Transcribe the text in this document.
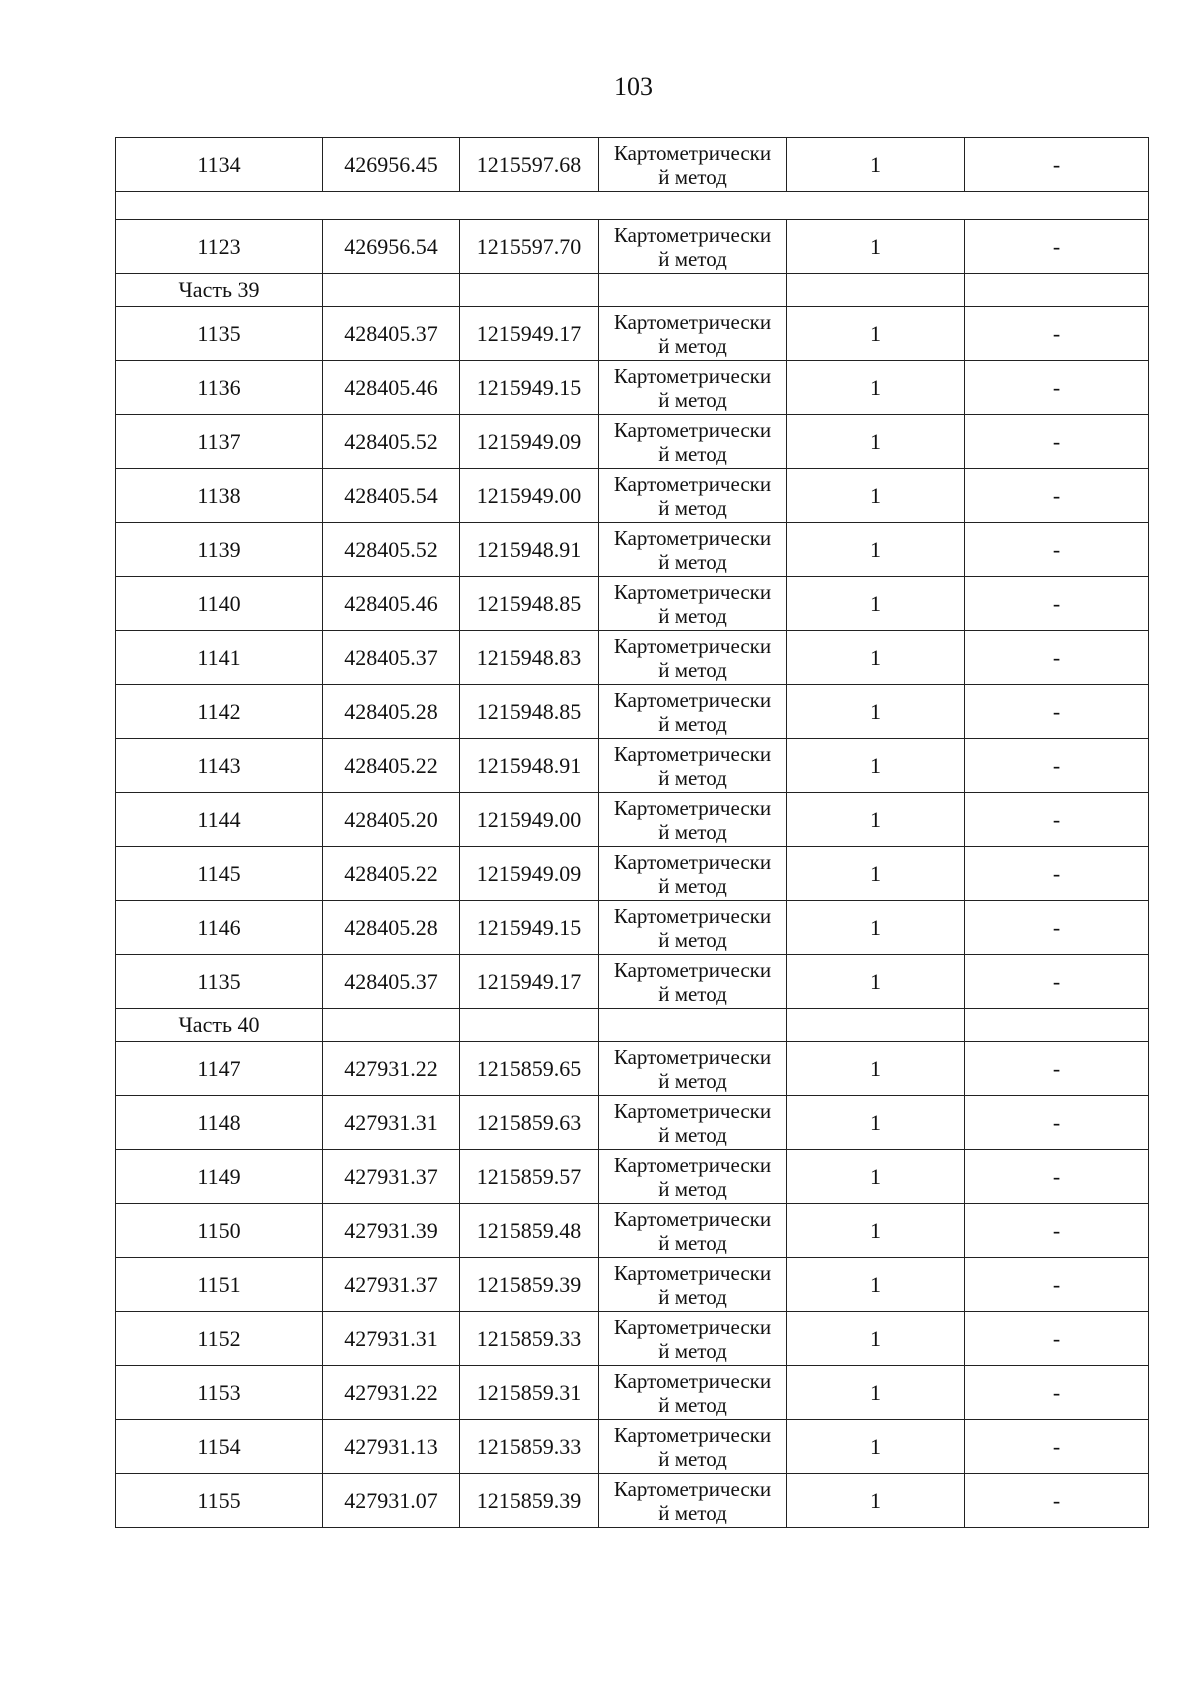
103
1134	426956.45	1215597.68	Картометрически
й метод	1	-

1123	426956.54	1215597.70	Картометрически
й метод	1	-
Часть 39					
1135	428405.37	1215949.17	Картометрически
й метод	1	-
1136	428405.46	1215949.15	Картометрически
й метод	1	-
1137	428405.52	1215949.09	Картометрически
й метод	1	-
1138	428405.54	1215949.00	Картометрически
й метод	1	-
1139	428405.52	1215948.91	Картометрически
й метод	1	-
1140	428405.46	1215948.85	Картометрически
й метод	1	-
1141	428405.37	1215948.83	Картометрически
й метод	1	-
1142	428405.28	1215948.85	Картометрически
й метод	1	-
1143	428405.22	1215948.91	Картометрически
й метод	1	-
1144	428405.20	1215949.00	Картометрически
й метод	1	-
1145	428405.22	1215949.09	Картометрически
й метод	1	-
1146	428405.28	1215949.15	Картометрически
й метод	1	-
1135	428405.37	1215949.17	Картометрически
й метод	1	-
Часть 40					
1147	427931.22	1215859.65	Картометрически
й метод	1	-
1148	427931.31	1215859.63	Картометрически
й метод	1	-
1149	427931.37	1215859.57	Картометрически
й метод	1	-
1150	427931.39	1215859.48	Картометрически
й метод	1	-
1151	427931.37	1215859.39	Картометрически
й метод	1	-
1152	427931.31	1215859.33	Картометрически
й метод	1	-
1153	427931.22	1215859.31	Картометрически
й метод	1	-
1154	427931.13	1215859.33	Картометрически
й метод	1	-
1155	427931.07	1215859.39	Картометрически
й метод	1	-
